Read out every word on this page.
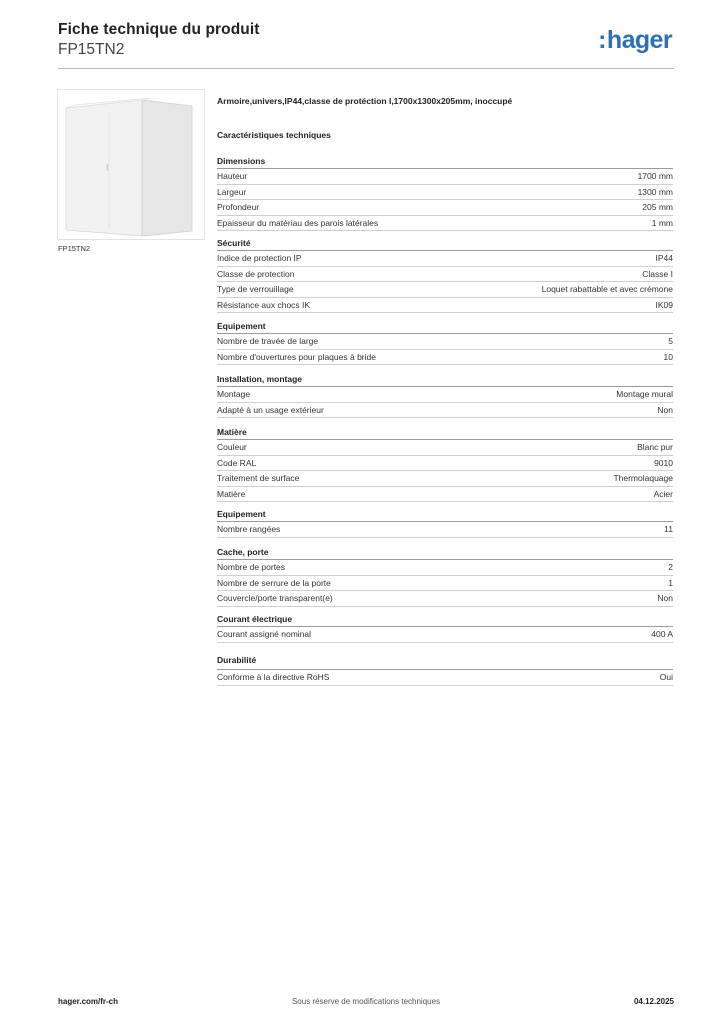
Fiche technique du produit
FP15TN2	:hager
FP15TN2
Armoire,univers,IP44,classe de protéction I,1700x1300x205mm, inoccupé
Caractéristiques techniques
Dimensions
Hauteur	1700 mm
Largeur	1300 mm
Profondeur	205 mm
Epaisseur du matériau des parois latérales	1 mm
Sécurité
Indice de protection IP	IP44
Classe de protection	Classe I
Type de verrouillage	Loquet rabattable et avec crémone
Résistance aux chocs IK	IK09
Equipement
Nombre de travée de large	5
Nombre d'ouvertures pour plaques à bride	10
Installation, montage
Montage	Montage mural
Adapté à un usage extérieur	Non
Matière
Couleur	Blanc pur
Code RAL	9010
Traitement de surface	Thermolaquage
Matière	Acier
Equipement
Nombre rangées	11
Cache, porte
Nombre de portes	2
Nombre de serrure de la porte	1
Couvercle/porte transparent(e)	Non
Courant électrique
Courant assigné nominal	400 A
Durabilité
Conforme à la directive RoHS	Oui
hager.com/fr-ch	Sous réserve de modifications techniques	04.12.2025
